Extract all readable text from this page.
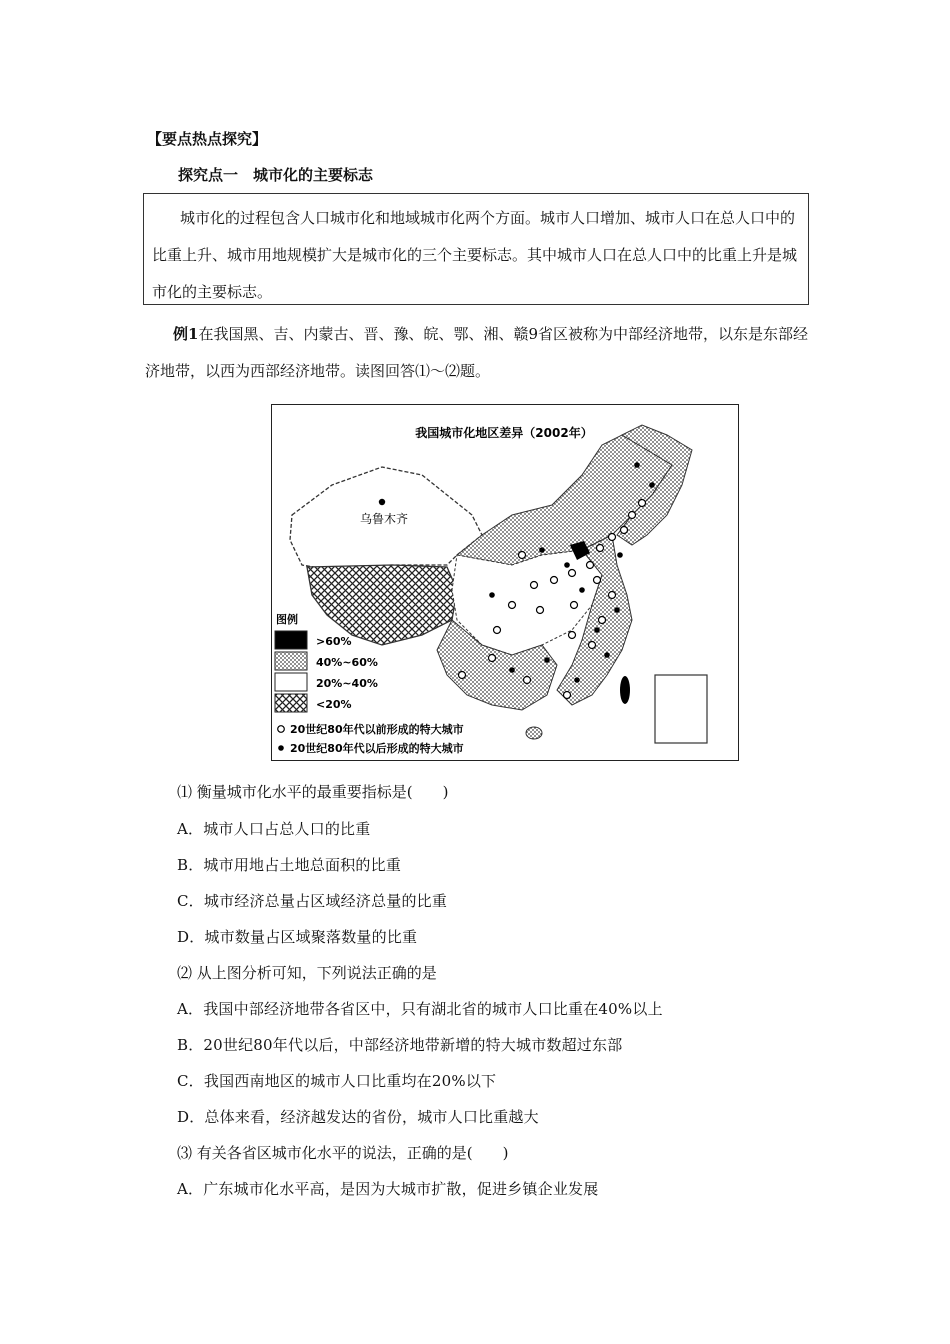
【要点热点探究】
探究点一　城市化的主要标志
城市化的过程包含人口城市化和地域城市化两个方面。城市人口增加、城市人口在总人口中的比重上升、城市用地规模扩大是城市化的三个主要标志。其中城市人口在总人口中的比重上升是城市化的主要标志。
例1在我国黑、吉、内蒙古、晋、豫、皖、鄂、湘、赣9省区被称为中部经济地带，以东是东部经济地带，以西为西部经济地带。读图回答⑴～⑵题。
我国城市化地区差异（2002年）
乌鲁木齐
图例
>60%
40%~60%
20%~40%
<20%
20世纪80年代以前形成的特大城市
20世纪80年代以后形成的特大城市
⑴ 衡量城市化水平的最重要指标是(　　)
A．城市人口占总人口的比重
B．城市用地占土地总面积的比重
C．城市经济总量占区域经济总量的比重
D．城市数量占区域聚落数量的比重
⑵ 从上图分析可知，下列说法正确的是
A．我国中部经济地带各省区中，只有湖北省的城市人口比重在40%以上
B．20世纪80年代以后，中部经济地带新增的特大城市数超过东部
C．我国西南地区的城市人口比重均在20%以下
D．总体来看，经济越发达的省份，城市人口比重越大
⑶ 有关各省区城市化水平的说法，正确的是(　　)
A．广东城市化水平高，是因为大城市扩散，促进乡镇企业发展
